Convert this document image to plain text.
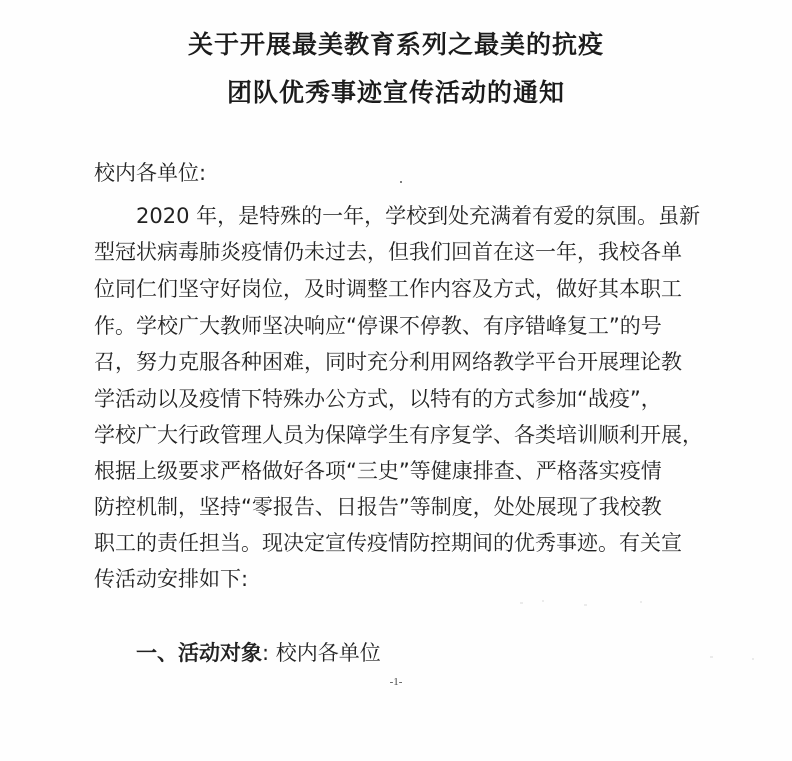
关于开展最美教育系列之最美的抗疫
团队优秀事迹宣传活动的通知
校内各单位:
2020 年，是特殊的一年，学校到处充满着有爱的氛围。虽新
型冠状病毒肺炎疫情仍未过去，但我们回首在这一年，我校各单
位同仁们坚守好岗位，及时调整工作内容及方式，做好其本职工
作。学校广大教师坚决响应“停课不停教、有序错峰复工”的号
召，努力克服各种困难，同时充分利用网络教学平台开展理论教
学活动以及疫情下特殊办公方式，以特有的方式参加“战疫”，
学校广大行政管理人员为保障学生有序复学、各类培训顺利开展，
根据上级要求严格做好各项“三史”等健康排查、严格落实疫情
防控机制，坚持“零报告、日报告”等制度，处处展现了我校教
职工的责任担当。现决定宣传疫情防控期间的优秀事迹。有关宣
传活动安排如下:
一、活动对象: 校内各单位
-1-
